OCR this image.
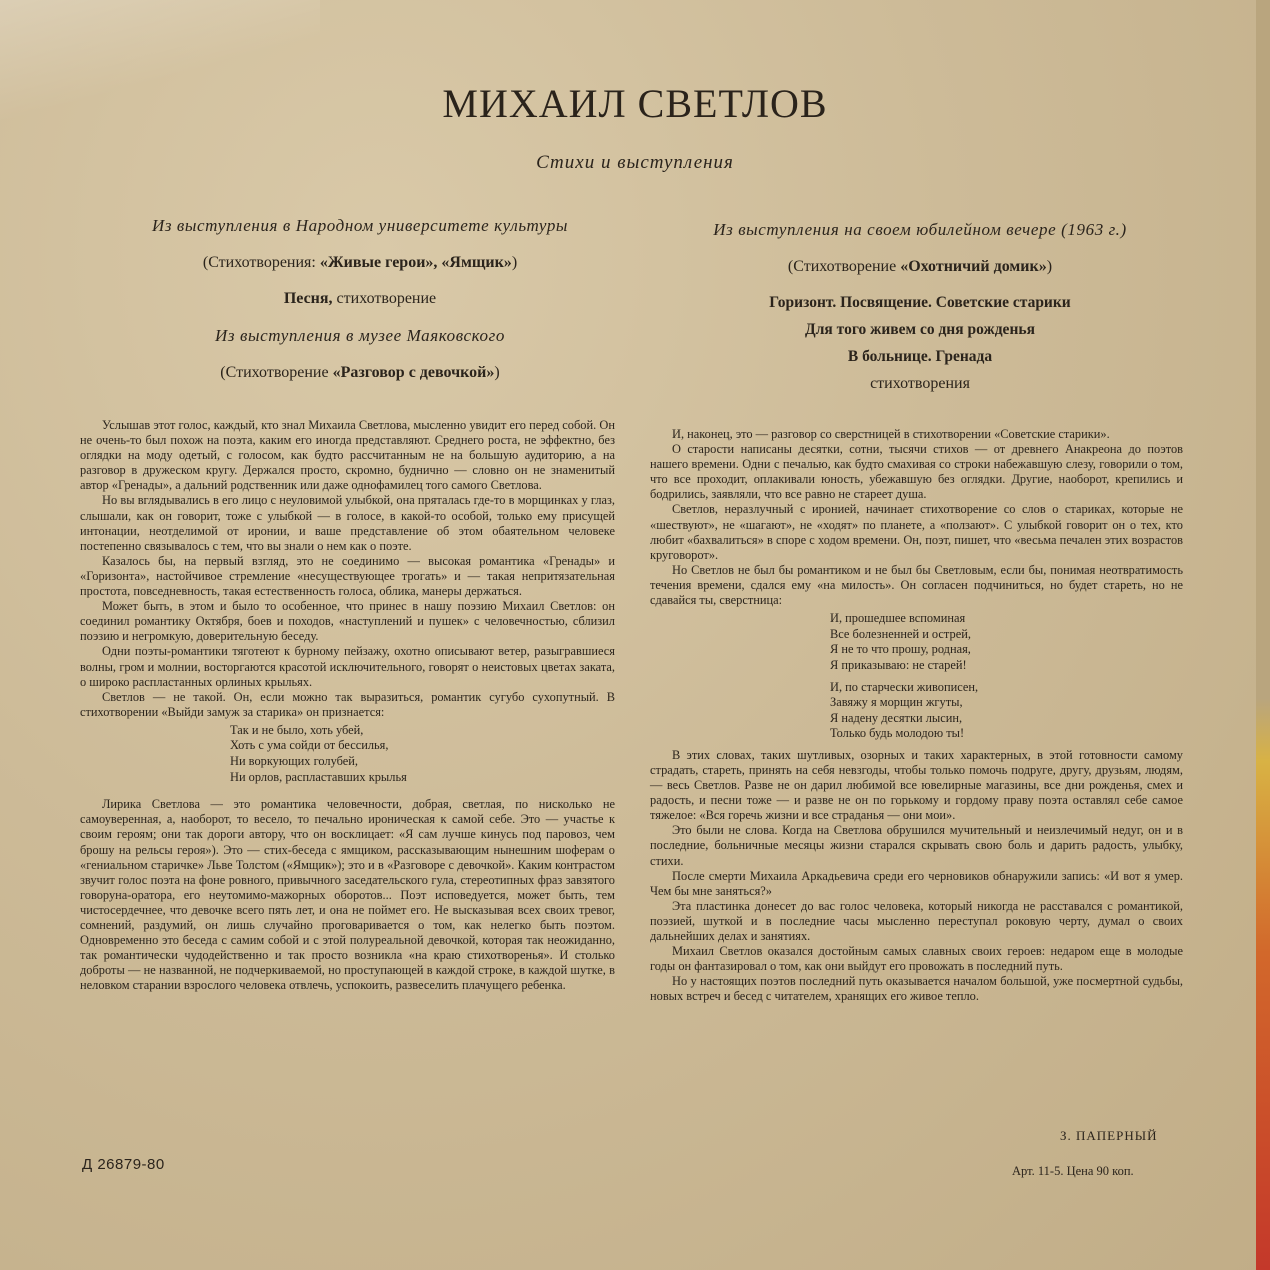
МИХАИЛ СВЕТЛОВ
Стихи и выступления
Из выступления в Народном университете культуры
(Стихотворения: «Живые герои», «Ямщик»)
Песня, стихотворение
Из выступления в музее Маяковского
(Стихотворение «Разговор с девочкой»)
Из выступления на своем юбилейном вечере (1963 г.)
(Стихотворение «Охотничий домик»)
Горизонт. Посвящение. Советские старики
Для того живем со дня рожденья
В больнице. Гренада
стихотворения

Услышав этот голос, каждый, кто знал Михаила Светлова, мысленно увидит его перед собой. Он не очень-то был похож на поэта, каким его иногда представляют. Среднего роста, не эффектно, без оглядки на моду одетый, с голосом, как будто рассчитанным не на большую аудиторию, а на разговор в дружеском кругу. Держался просто, скромно, буднично — словно он не знаменитый автор «Гренады», а дальний родственник или даже однофамилец того самого Светлова.

Но вы вглядывались в его лицо с неуловимой улыбкой, она пряталась где-то в морщинках у глаз, слышали, как он говорит, тоже с улыбкой — в голосе, в какой-то особой, только ему присущей интонации, неотделимой от иронии, и ваше представление об этом обаятельном человеке постепенно связывалось с тем, что вы знали о нем как о поэте.

Казалось бы, на первый взгляд, это не соединимо — высокая романтика «Гренады» и «Горизонта», настойчивое стремление «несуществующее трогать» и — такая непритязательная простота, повседневность, такая естественность голоса, облика, манеры держаться.

Может быть, в этом и было то особенное, что принес в нашу поэзию Михаил Светлов: он соединил романтику Октября, боев и походов, «наступлений и пушек» с человечностью, сблизил поэзию и негромкую, доверительную беседу.

Одни поэты-романтики тяготеют к бурному пейзажу, охотно описывают ветер, разыгравшиеся волны, гром и молнии, восторгаются красотой исключительного, говорят о неистовых цветах заката, о широко распластанных орлиных крыльях.

Светлов — не такой. Он, если можно так выразиться, романтик сугубо сухопутный. В стихотворении «Выйди замуж за старика» он признается:

Так и не было, хоть убей,
Хоть с ума сойди от бессилья,
Ни воркующих голубей,
Ни орлов, распластавших крылья

Лирика Светлова — это романтика человечности, добрая, светлая, по нисколько не самоуверенная, а, наоборот, то весело, то печально ироническая к самой себе. Это — участье к своим героям; они так дороги автору, что он восклицает: «Я сам лучше кинусь под паровоз, чем брошу на рельсы героя»). Это — стих-беседа с ямщиком, рассказывающим нынешним шоферам о «гениальном старичке» Льве Толстом («Ямщик»); это и в «Разговоре с девочкой». Каким контрастом звучит голос поэта на фоне ровного, привычного заседательского гула, стереотипных фраз завзятого говоруна-оратора, его неутомимо-мажорных оборотов... Поэт исповедуется, может быть, тем чистосердечнее, что девочке всего пять лет, и она не поймет его. Не высказывая всех своих тревог, сомнений, раздумий, он лишь случайно проговаривается о том, как нелегко быть поэтом. Одновременно это беседа с самим собой и с этой полуреальной девочкой, которая так неожиданно, так романтически чудодейственно и так просто возникла «на краю стихотворенья». И столько доброты — не названной, не подчеркиваемой, но проступающей в каждой строке, в каждой шутке, в неловком старании взрослого человека отвлечь, успокоить, развеселить плачущего ребенка.

И, наконец, это — разговор со сверстницей в стихотворении «Советские старики».

О старости написаны десятки, сотни, тысячи стихов — от древнего Анакреона до поэтов нашего времени. Одни с печалью, как будто смахивая со строки набежавшую слезу, говорили о том, что все проходит, оплакивали юность, убежавшую без оглядки. Другие, наоборот, крепились и бодрились, заявляли, что все равно не стареет душа.

Светлов, неразлучный с иронией, начинает стихотворение со слов о стариках, которые не «шествуют», не «шагают», не «ходят» по планете, а «ползают». С улыбкой говорит он о тех, кто любит «бахвалиться» в споре с ходом времени. Он, поэт, пишет, что «весьма печален этих возрастов круговорот».

Но Светлов не был бы романтиком и не был бы Светловым, если бы, понимая неотвратимость течения времени, сдался ему «на милость». Он согласен подчиниться, но будет стареть, но не сдавайся ты, сверстница:

И, прошедшее вспоминая
Все болезненней и острей,
Я не то что прошу, родная,
Я приказываю: не старей!
И, по старчески живописен,
Завяжу я морщин жгуты,
Я надену десятки лысин,
Только будь молодою ты!

В этих словах, таких шутливых, озорных и таких характерных, в этой готовности самому страдать, стареть, принять на себя невзгоды, чтобы только помочь подруге, другу, друзьям, людям, — весь Светлов. Разве не он дарил любимой все ювелирные магазины, все дни рожденья, смех и радость, и песни тоже — и разве не он по горькому и гордому праву поэта оставлял себе самое тяжелое: «Вся горечь жизни и все страданья — они мои».

Это были не слова. Когда на Светлова обрушился мучительный и неизлечимый недуг, он и в последние, больничные месяцы жизни старался скрывать свою боль и дарить радость, улыбку, стихи.

После смерти Михаила Аркадьевича среди его черновиков обнаружили запись: «И вот я умер. Чем бы мне заняться?»

Эта пластинка донесет до вас голос человека, который никогда не расставался с романтикой, поэзией, шуткой и в последние часы мысленно переступал роковую черту, думал о своих дальнейших делах и занятиях.

Михаил Светлов оказался достойным самых славных своих героев: недаром еще в молодые годы он фантазировал о том, как они выйдут его провожать в последний путь.

Но у настоящих поэтов последний путь оказывается началом большой, уже посмертной судьбы, новых встреч и бесед с читателем, хранящих его живое тепло.

З. ПАПЕРНЫЙ
Д 26879-80	Арт. 11-5. Цена 90 коп.
